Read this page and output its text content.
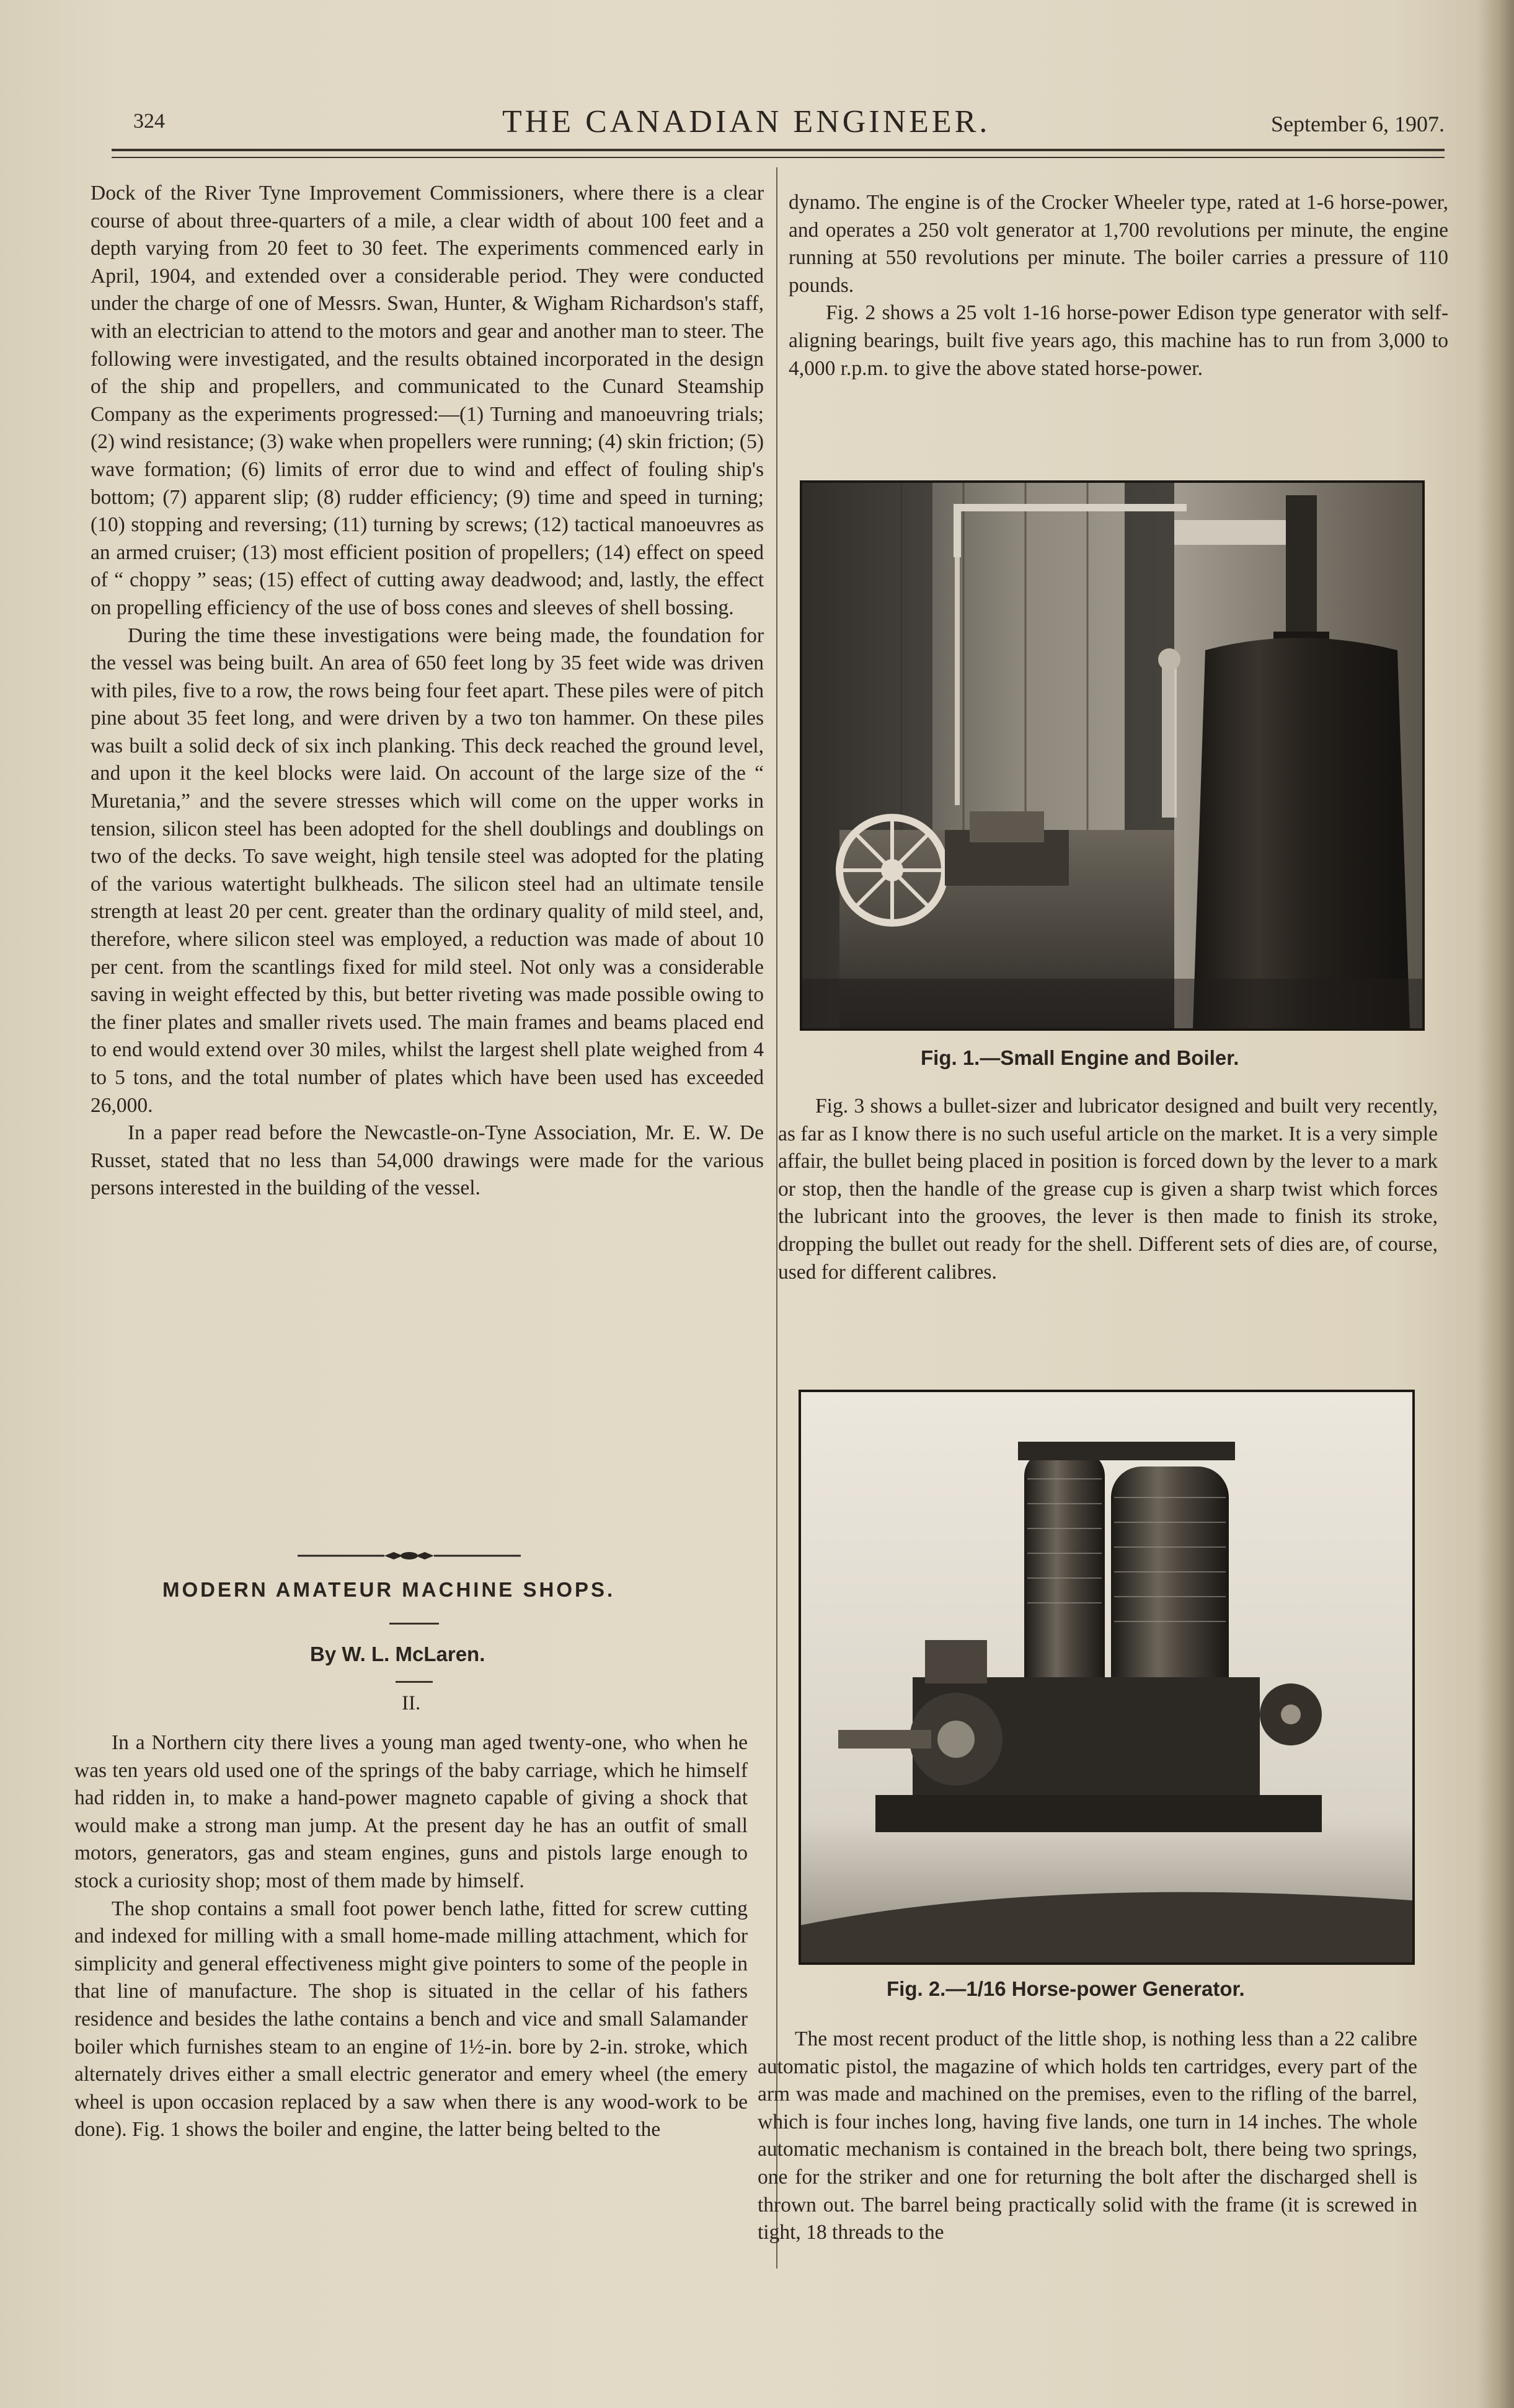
324	THE CANADIAN ENGINEER.	September 6, 1907.

Dock of the River Tyne Improvement Commissioners, where there is a clear course of about three-quarters of a mile, a clear width of about 100 feet and a depth varying from 20 feet to 30 feet. The experiments commenced early in April, 1904, and extended over a considerable period. They were conducted under the charge of one of Messrs. Swan, Hunter, & Wigham Richardson's staff, with an electrician to attend to the motors and gear and another man to steer. The following were investigated, and the results obtained incorporated in the design of the ship and propellers, and communicated to the Cunard Steamship Company as the experiments progressed:—(1) Turning and manoeuvring trials; (2) wind resistance; (3) wake when propellers were running; (4) skin friction; (5) wave formation; (6) limits of error due to wind and effect of fouling ship's bottom; (7) apparent slip; (8) rudder efficiency; (9) time and speed in turning; (10) stopping and reversing; (11) turning by screws; (12) tactical manoeuvres as an armed cruiser; (13) most efficient position of propellers; (14) effect on speed of “ choppy ” seas; (15) effect of cutting away deadwood; and, lastly, the effect on propelling efficiency of the use of boss cones and sleeves of shell bossing.

During the time these investigations were being made, the foundation for the vessel was being built. An area of 650 feet long by 35 feet wide was driven with piles, five to a row, the rows being four feet apart. These piles were of pitch pine about 35 feet long, and were driven by a two ton hammer. On these piles was built a solid deck of six inch planking. This deck reached the ground level, and upon it the keel blocks were laid. On account of the large size of the “ Muretania,” and the severe stresses which will come on the upper works in tension, silicon steel has been adopted for the shell doublings and doublings on two of the decks. To save weight, high tensile steel was adopted for the plating of the various watertight bulkheads. The silicon steel had an ultimate tensile strength at least 20 per cent. greater than the ordinary quality of mild steel, and, therefore, where silicon steel was employed, a reduction was made of about 10 per cent. from the scantlings fixed for mild steel. Not only was a considerable saving in weight effected by this, but better riveting was made possible owing to the finer plates and smaller rivets used. The main frames and beams placed end to end would extend over 30 miles, whilst the largest shell plate weighed from 4 to 5 tons, and the total number of plates which have been used has exceeded 26,000.

In a paper read before the Newcastle-on-Tyne Association, Mr. E. W. De Russet, stated that no less than 54,000 drawings were made for the various persons interested in the building of the vessel.

MODERN AMATEUR MACHINE SHOPS.
By W. L. McLaren.
II.

In a Northern city there lives a young man aged twenty-one, who when he was ten years old used one of the springs of the baby carriage, which he himself had ridden in, to make a hand-power magneto capable of giving a shock that would make a strong man jump. At the present day he has an outfit of small motors, generators, gas and steam engines, guns and pistols large enough to stock a curiosity shop; most of them made by himself.

The shop contains a small foot power bench lathe, fitted for screw cutting and indexed for milling with a small home-made milling attachment, which for simplicity and general effectiveness might give pointers to some of the people in that line of manufacture. The shop is situated in the cellar of his fathers residence and besides the lathe contains a bench and vice and small Salamander boiler which furnishes steam to an engine of 1½-in. bore by 2-in. stroke, which alternately drives either a small electric generator and emery wheel (the emery wheel is upon occasion replaced by a saw when there is any wood-work to be done). Fig. 1 shows the boiler and engine, the latter being belted to the

dynamo. The engine is of the Crocker Wheeler type, rated at 1-6 horse-power, and operates a 250 volt generator at 1,700 revolutions per minute, the engine running at 550 revolutions per minute. The boiler carries a pressure of 110 pounds.

Fig. 2 shows a 25 volt 1-16 horse-power Edison type generator with self-aligning bearings, built five years ago, this machine has to run from 3,000 to 4,000 r.p.m. to give the above stated horse-power.

Fig. 1.—Small Engine and Boiler.

Fig. 3 shows a bullet-sizer and lubricator designed and built very recently, as far as I know there is no such useful article on the market. It is a very simple affair, the bullet being placed in position is forced down by the lever to a mark or stop, then the handle of the grease cup is given a sharp twist which forces the lubricant into the grooves, the lever is then made to finish its stroke, dropping the bullet out ready for the shell. Different sets of dies are, of course, used for different calibres.

Fig. 2.—1/16 Horse-power Generator.

The most recent product of the little shop, is nothing less than a 22 calibre automatic pistol, the magazine of which holds ten cartridges, every part of the arm was made and machined on the premises, even to the rifling of the barrel, which is four inches long, having five lands, one turn in 14 inches. The whole automatic mechanism is contained in the breach bolt, there being two springs, one for the striker and one for returning the bolt after the discharged shell is thrown out. The barrel being practically solid with the frame (it is screwed in tight, 18 threads to the
